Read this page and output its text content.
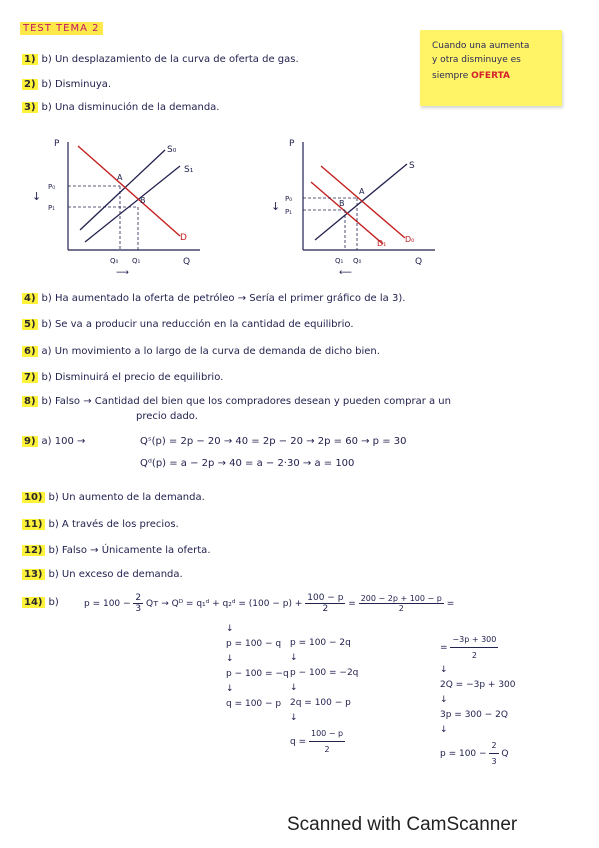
TEST TEMA 2
Cuando una aumenta
y otra disminuye es
siempre OFERTA
1) b) Un desplazamiento de la curva de oferta de gas.
2) b) Disminuya.
3) b) Una disminución de la demanda.
P
Q
S₀
S₁
D
A
B
P₀
P₁
↓
Q₀ Q₁
⟶
P
Q
S
D₀
D₁
A
B
P₀
P₁
↓
Q₁ Q₀
⟵
4) b) Ha aumentado la oferta de petróleo → Sería el primer gráfico de la 3).
5) b) Se va a producir una reducción en la cantidad de equilibrio.
6) a) Un movimiento a lo largo de la curva de demanda de dicho bien.
7) b) Disminuirá el precio de equilibrio.
8) b) Falso → Cantidad del bien que los compradores desean y pueden comprar a un
precio dado.
9) a) 100 →	Qˢ(p) = 2p − 20 → 40 = 2p − 20 → 2p = 60 → p = 30
Qᵈ(p) = a − 2p → 40 = a − 2·30 → a = 100
10) b) Un aumento de la demanda.
11) b) A través de los precios.
12) b) Falso → Únicamente la oferta.
13) b) Un exceso de demanda.
14) b)	$p = 100 - \frac{2}{3}$ Qᴛ → Qᴰ = q₁ᵈ + q₂ᵈ = $(100 - p) + \frac{100 - p}{2} = \frac{200 - 2p + 100 - p}{2}$ =
↓
p = 100 − q
↓
p − 100 = −q
↓
q = 100 − p
p = 100 − 2q
↓
p − 100 = −2q
↓
2q = 100 − p
↓
$q = \frac{100 - p}{2}$
= $\frac{-3p + 300}{2}$
↓
2Q = −3p + 300
↓
3p = 300 − 2Q
↓
$p = 100 - \frac{2}{3}$ Q
Scanned with CamScanner
